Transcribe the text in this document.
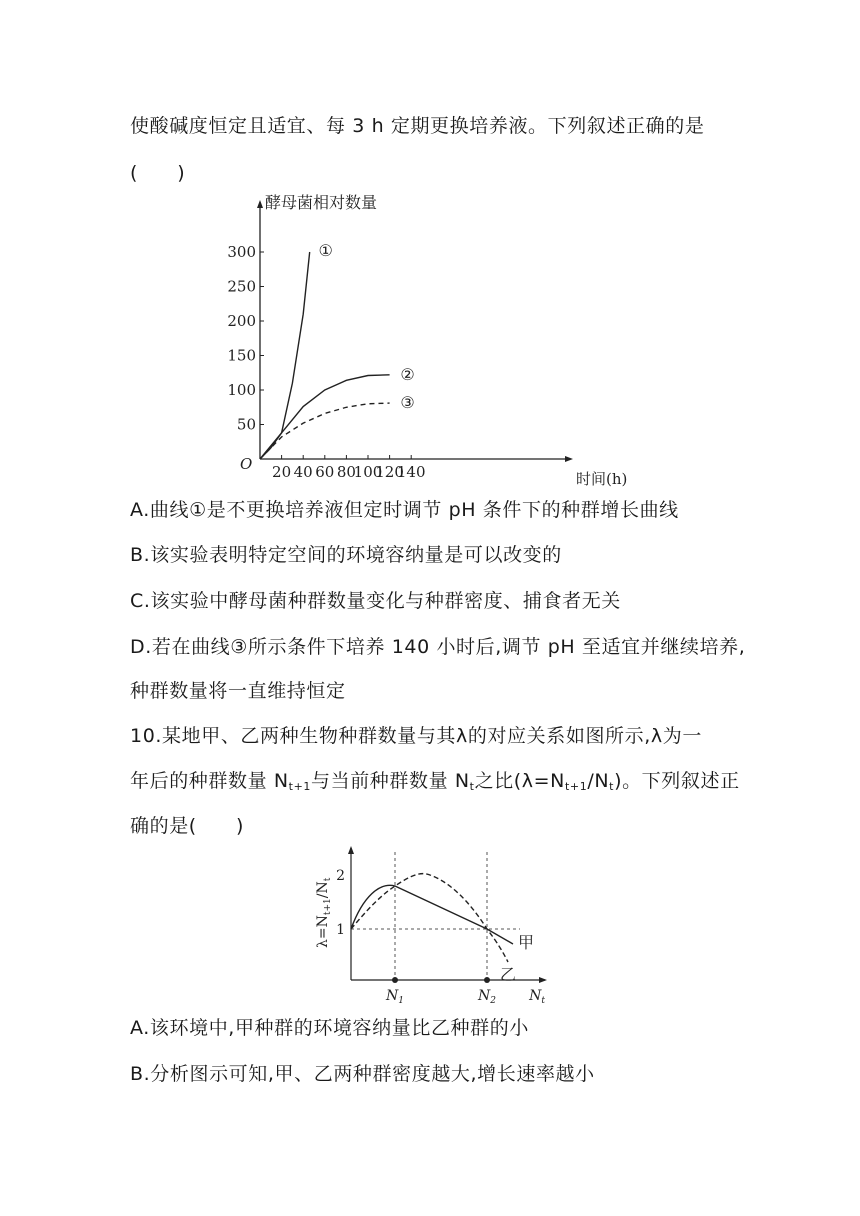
使酸碱度恒定且适宜、每 3 h 定期更换培养液。下列叙述正确的是
(　　)
酵母菌相对数量
时间(h)
O
50
100
150
200
250
300
20 40 60 80
100
120
140
①
②
③
A.曲线①是不更换培养液但定时调节 pH 条件下的种群增长曲线
B.该实验表明特定空间的环境容纳量是可以改变的
C.该实验中酵母菌种群数量变化与种群密度、捕食者无关
D.若在曲线③所示条件下培养 140 小时后,调节 pH 至适宜并继续培养,
种群数量将一直维持恒定
10.某地甲、乙两种生物种群数量与其λ的对应关系如图所示,λ为一
年后的种群数量 $N_{t+1}$与当前种群数量 $N_t$之比$(\lambda=N_{t+1}/N_t)$。下列叙述正
确的是(　　)
$\lambda=N_{t+1}/N_t$ 2
1
$N_1$	$N_2$ $N_t$
甲
乙
A.该环境中,甲种群的环境容纳量比乙种群的小
B.分析图示可知,甲、乙两种群密度越大,增长速率越小
